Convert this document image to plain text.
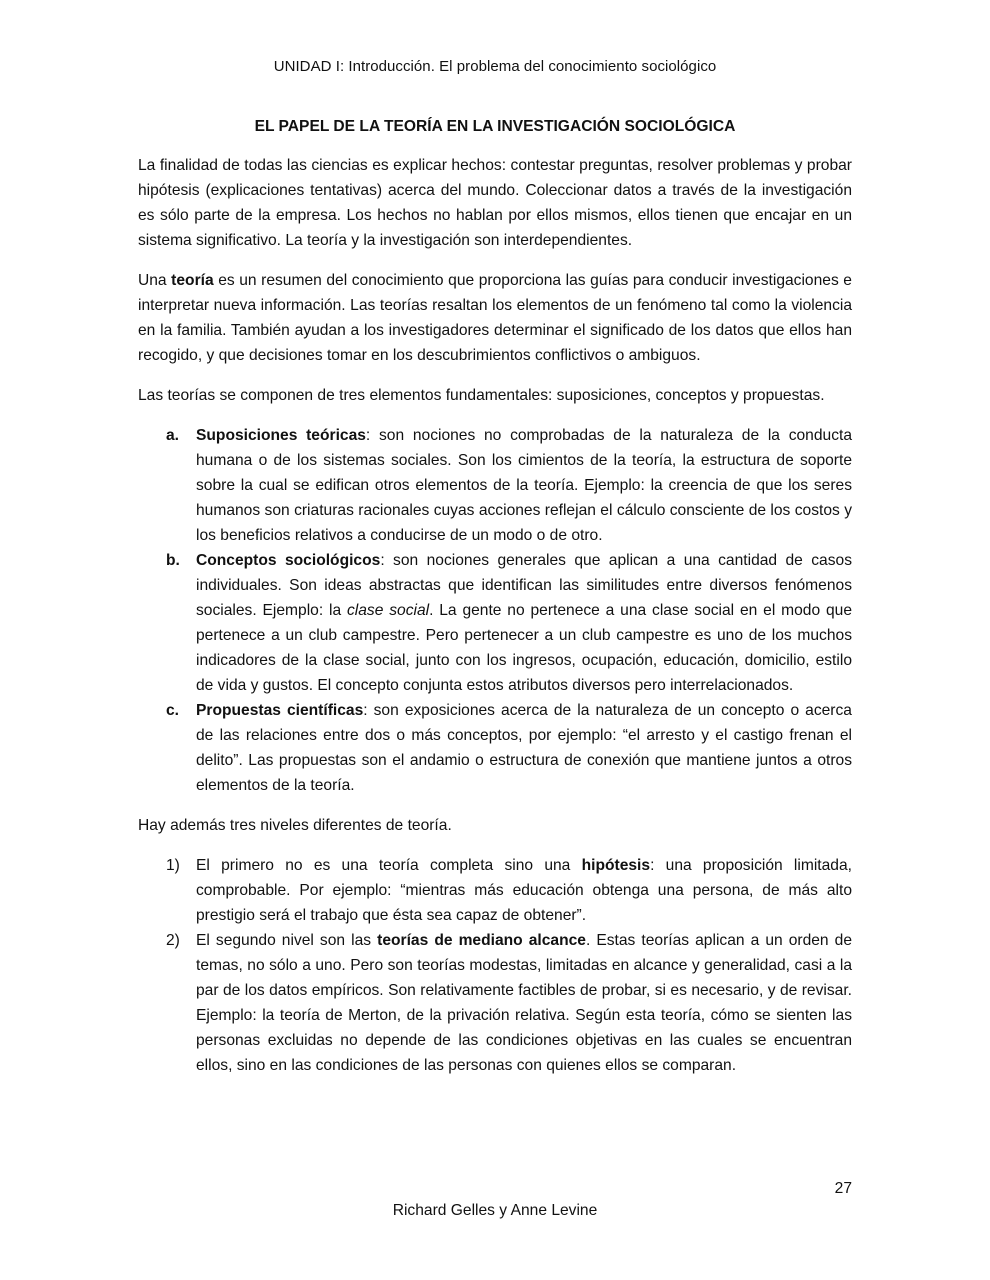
UNIDAD I: Introducción. El problema del conocimiento sociológico
EL PAPEL DE LA TEORÍA EN LA INVESTIGACIÓN SOCIOLÓGICA

La finalidad de todas las ciencias es explicar hechos: contestar preguntas, resolver problemas y probar hipótesis (explicaciones tentativas) acerca del mundo. Coleccionar datos a través de la investigación es sólo parte de la empresa. Los hechos no hablan por ellos mismos, ellos tienen que encajar en un sistema significativo. La teoría y la investigación son interdependientes.

Una teoría es un resumen del conocimiento que proporciona las guías para conducir investigaciones e interpretar nueva información. Las teorías resaltan los elementos de un fenómeno tal como la violencia en la familia. También ayudan a los investigadores determinar el significado de los datos que ellos han recogido, y que decisiones tomar en los descubrimientos conflictivos o ambiguos.

Las teorías se componen de tres elementos fundamentales: suposiciones, conceptos y propuestas.

a. Suposiciones teóricas: son nociones no comprobadas de la naturaleza de la conducta humana o de los sistemas sociales. Son los cimientos de la teoría, la estructura de soporte sobre la cual se edifican otros elementos de la teoría. Ejemplo: la creencia de que los seres humanos son criaturas racionales cuyas acciones reflejan el cálculo consciente de los costos y los beneficios relativos a conducirse de un modo o de otro.
b. Conceptos sociológicos: son nociones generales que aplican a una cantidad de casos individuales. Son ideas abstractas que identifican las similitudes entre diversos fenómenos sociales. Ejemplo: la clase social. La gente no pertenece a una clase social en el modo que pertenece a un club campestre. Pero pertenecer a un club campestre es uno de los muchos indicadores de la clase social, junto con los ingresos, ocupación, educación, domicilio, estilo de vida y gustos. El concepto conjunta estos atributos diversos pero interrelacionados.
c. Propuestas científicas: son exposiciones acerca de la naturaleza de un concepto o acerca de las relaciones entre dos o más conceptos, por ejemplo: “el arresto y el castigo frenan el delito”. Las propuestas son el andamio o estructura de conexión que mantiene juntos a otros elementos de la teoría.

Hay además tres niveles diferentes de teoría.

1) El primero no es una teoría completa sino una hipótesis: una proposición limitada, comprobable. Por ejemplo: “mientras más educación obtenga una persona, de más alto prestigio será el trabajo que ésta sea capaz de obtener”.
2) El segundo nivel son las teorías de mediano alcance. Estas teorías aplican a un orden de temas, no sólo a uno. Pero son teorías modestas, limitadas en alcance y generalidad, casi a la par de los datos empíricos. Son relativamente factibles de probar, si es necesario, y de revisar. Ejemplo: la teoría de Merton, de la privación relativa. Según esta teoría, cómo se sienten las personas excluidas no depende de las condiciones objetivas en las cuales se encuentran ellos, sino en las condiciones de las personas con quienes ellos se comparan.
27
Richard Gelles y Anne Levine
